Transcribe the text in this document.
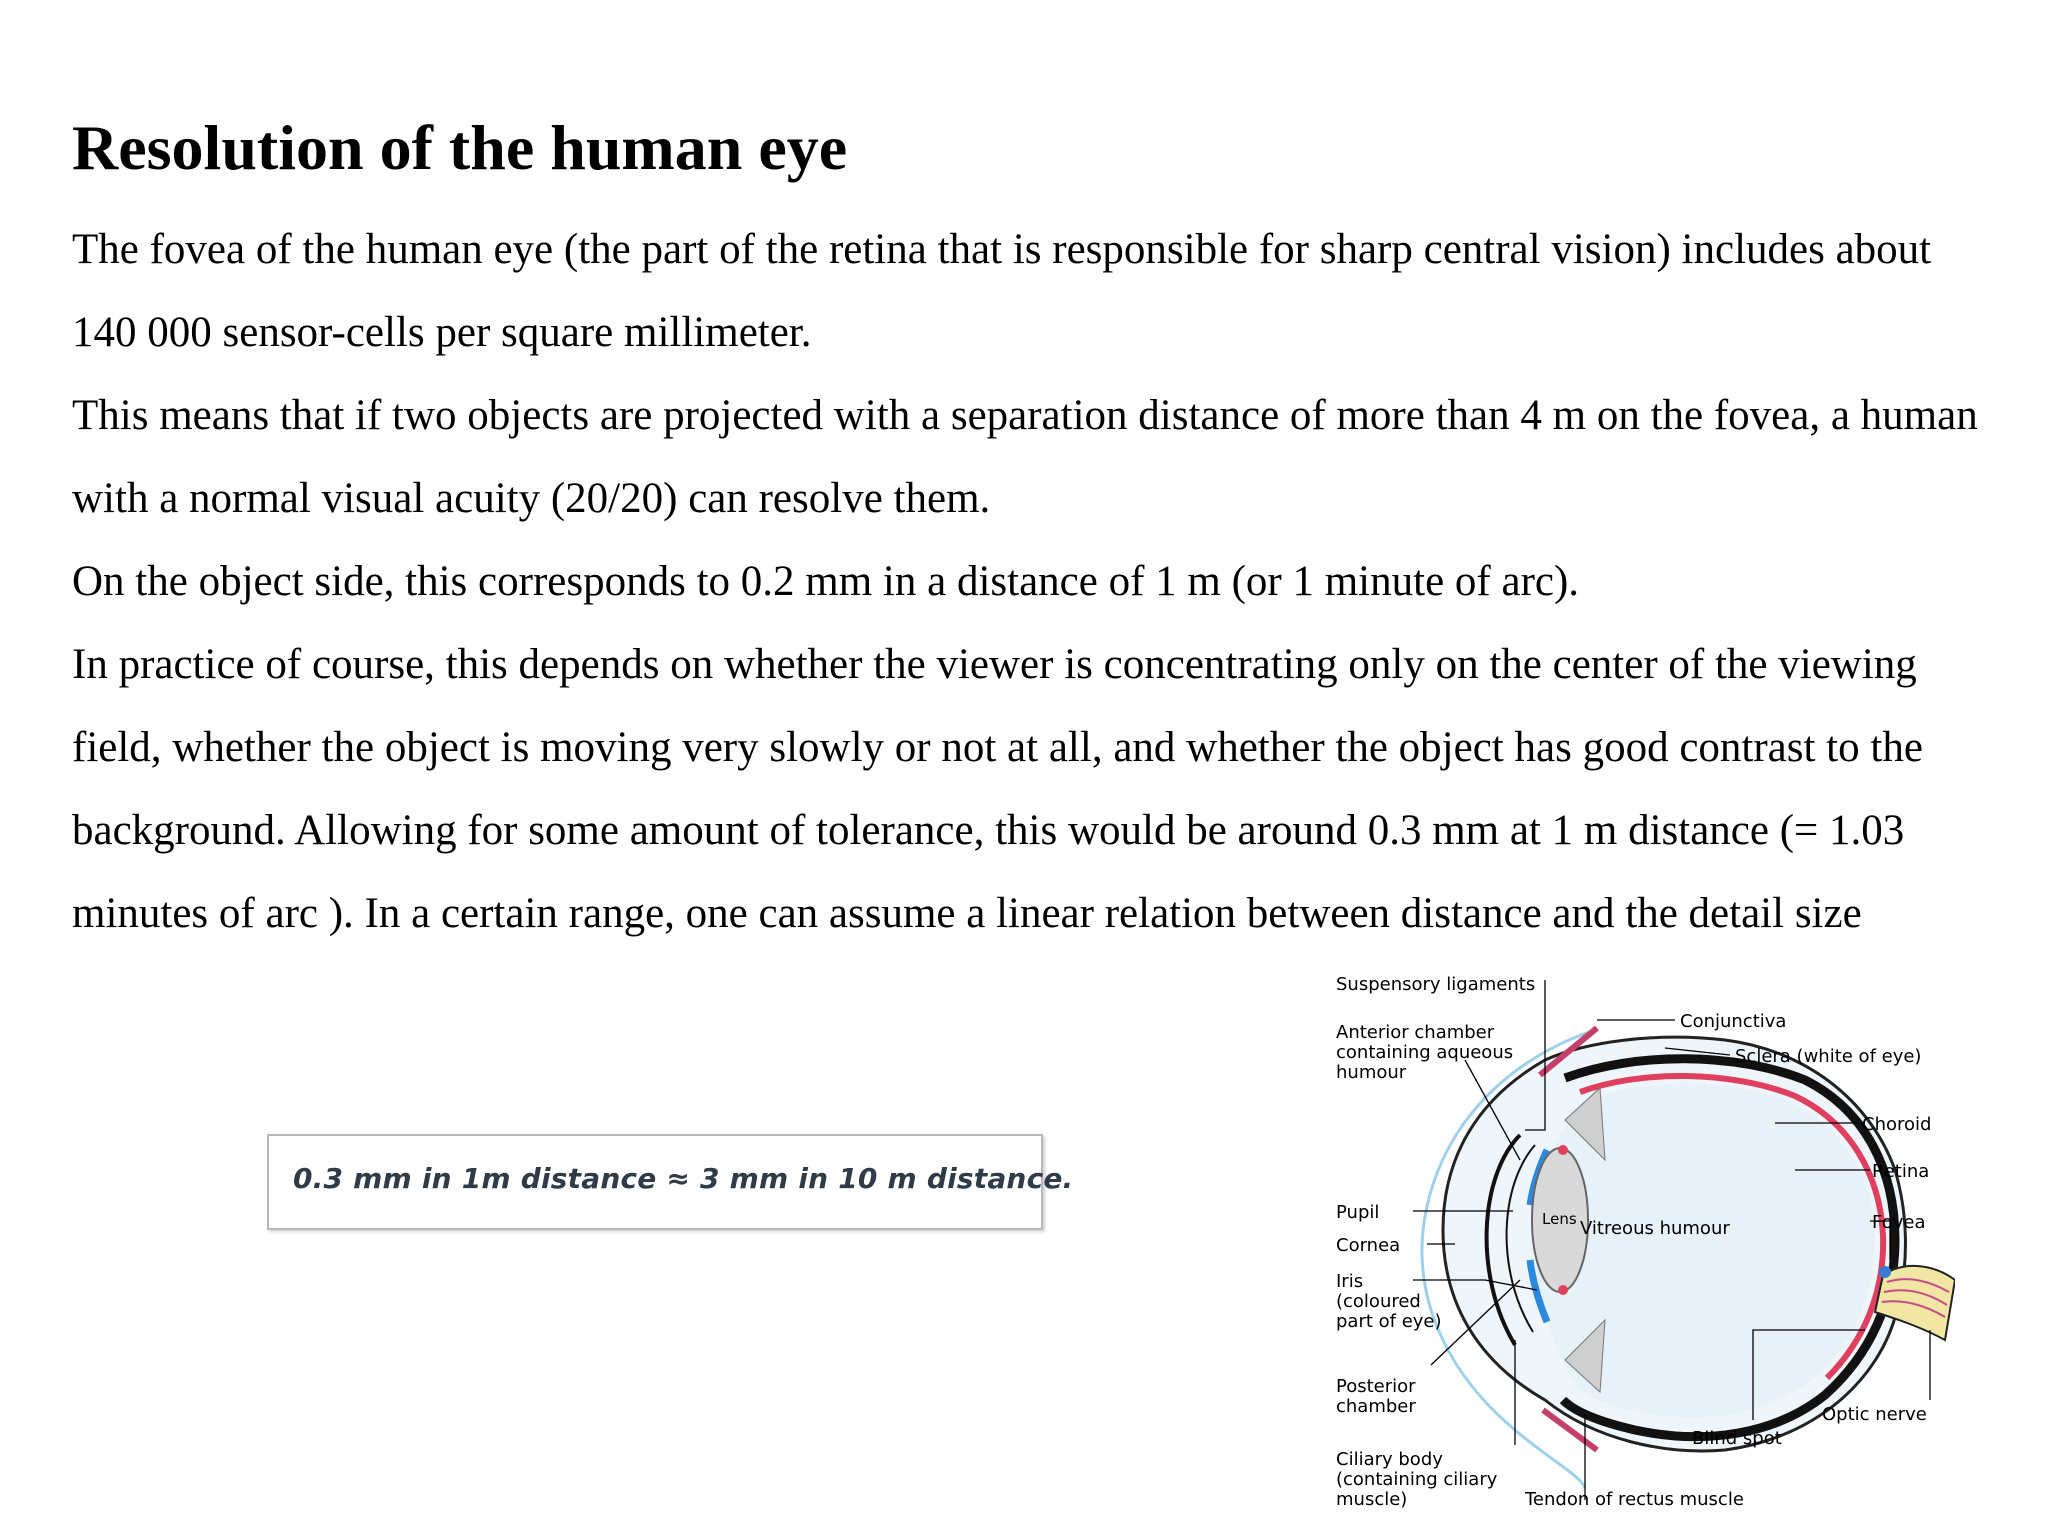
Resolution of the human eye

The fovea of the human eye (the part of the retina that is responsible for sharp central vision) includes about 140 000 sensor-cells per square millimeter.

This means that if two objects are projected with a separation distance of more than 4 m on the fovea, a human with a normal visual acuity (20/20) can resolve them.

On the object side, this corresponds to 0.2 mm in a distance of 1 m (or 1 minute of arc).

In practice of course, this depends on whether the viewer is concentrating only on the center of the viewing field, whether the object is moving very slowly or not at all, and whether the object has good contrast to the background. Allowing for some amount of tolerance, this would be around 0.3 mm at 1 m distance (= 1.03 minutes of arc ). In a certain range, one can assume a linear relation between distance and the detail size

0.3 mm in 1m distance ≈ 3 mm in 10 m distance.
Suspensory ligaments
Anterior chamber
containing aqueous
humour
Conjunctiva
Sclera (white of eye)
Choroid
Retina
Fovea
Pupil	Lens Vitreous humour
Cornea
Iris
(coloured
part of eye)
Posterior
chamber	Optic nerve
Blind spot
Ciliary body
(containing ciliary
muscle)	Tendon of rectus muscle
